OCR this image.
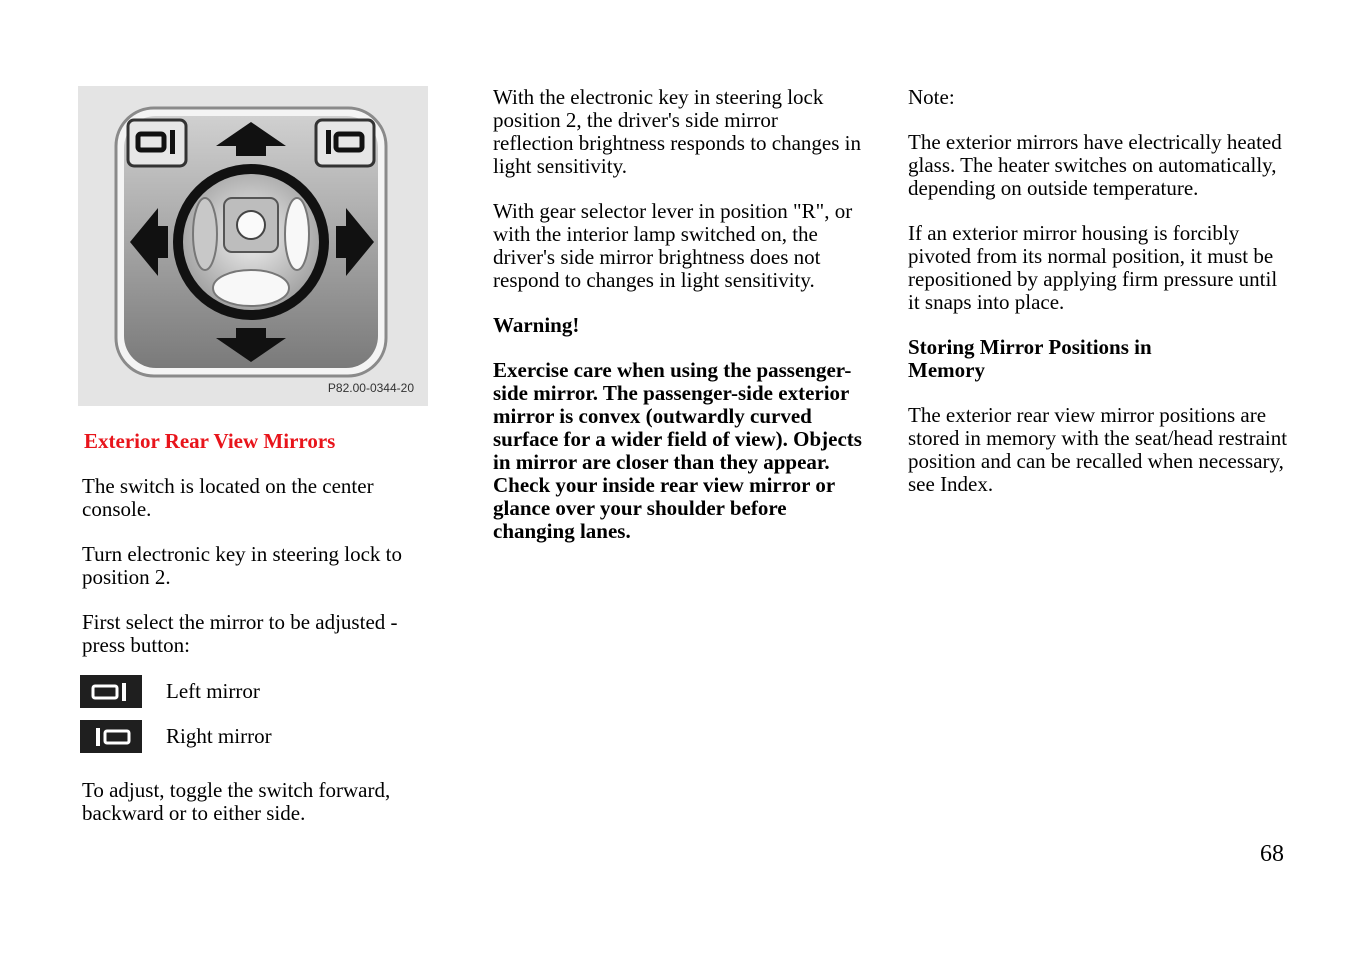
P82.00-0344-20

Exterior Rear View Mirrors

The switch is located on the center console.

Turn electronic key in steering lock to position 2.

First select the mirror to be adjusted - press button:

Left mirror
Right mirror

To adjust, toggle the switch forward, backward or to either side.

With the electronic key in steering lock position 2, the driver's side mirror reflection brightness responds to changes in light sensitivity.

With gear selector lever in position "R", or with the interior lamp switched on, the driver's side mirror brightness does not respond to changes in light sensitivity.

Warning!

Exercise care when using the passenger-side mirror. The passenger-side exterior mirror is convex (outwardly curved surface for a wider field of view). Objects in mirror are closer than they appear. Check your inside rear view mirror or glance over your shoulder before changing lanes.

Note:

The exterior mirrors have electrically heated glass. The heater switches on automatically, depending on outside temperature.

If an exterior mirror housing is forcibly pivoted from its normal position, it must be repositioned by applying firm pressure until it snaps into place.

Storing Mirror Positions in Memory

The exterior rear view mirror positions are stored in memory with the seat/head restraint position and can be recalled when necessary, see Index.

68
